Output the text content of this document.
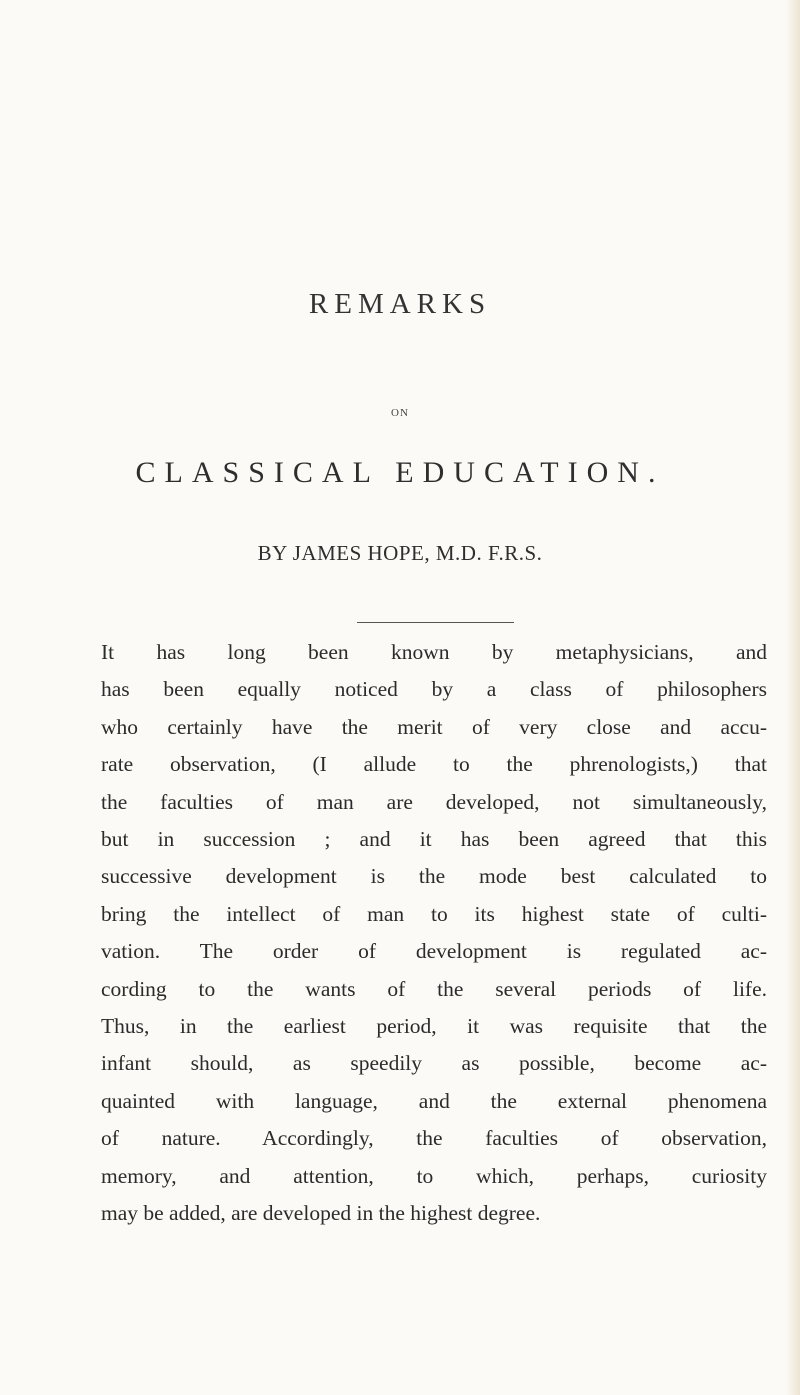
REMARKS
ON
CLASSICAL EDUCATION.
BY JAMES HOPE, M.D. F.R.S.
It has long been known by metaphysicians, and
has been equally noticed by a class of philosophers
who certainly have the merit of very close and accu-
rate observation, (I allude to the phrenologists,) that
the faculties of man are developed, not simultaneously,
but in succession ; and it has been agreed that this
successive development is the mode best calculated to
bring the intellect of man to its highest state of culti-
vation. The order of development is regulated ac-
cording to the wants of the several periods of life.
Thus, in the earliest period, it was requisite that the
infant should, as speedily as possible, become ac-
quainted with language, and the external phenomena
of nature. Accordingly, the faculties of observation,
memory, and attention, to which, perhaps, curiosity
may be added, are developed in the highest degree.
